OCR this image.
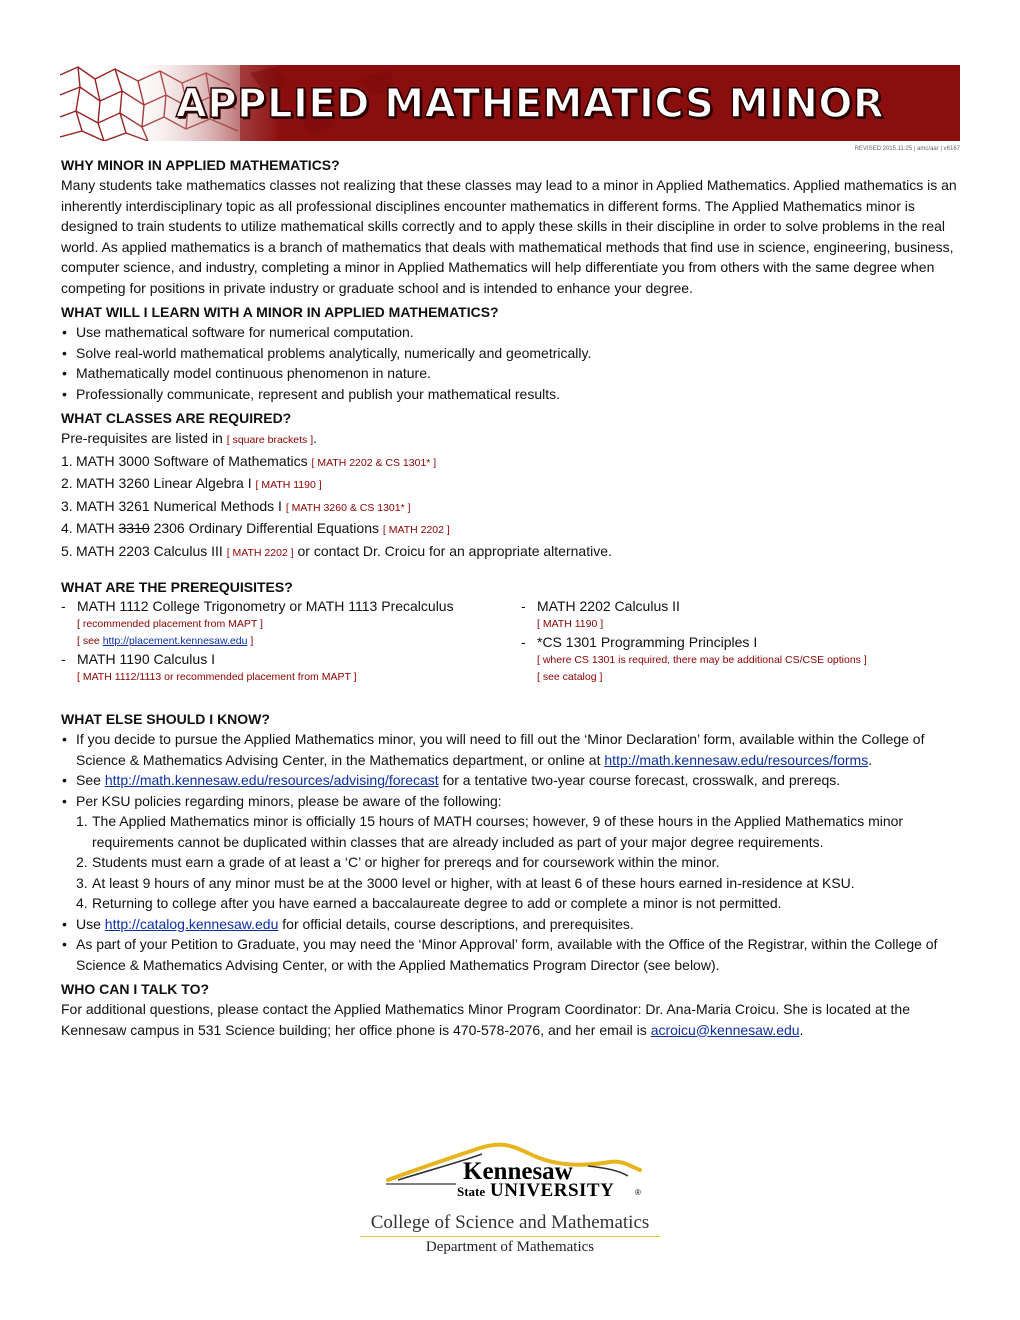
APPLIED MATHEMATICS MINOR
REVISED 2015.11.25 | amc/aar | v6167
WHY MINOR IN APPLIED MATHEMATICS?

Many students take mathematics classes not realizing that these classes may lead to a minor in Applied Mathematics. Applied mathematics is an inherently interdisciplinary topic as all professional disciplines encounter mathematics in different forms. The Applied Mathematics minor is designed to train students to utilize mathematical skills correctly and to apply these skills in their discipline in order to solve problems in the real world. As applied mathematics is a branch of mathematics that deals with mathematical methods that find use in science, engineering, business, computer science, and industry, completing a minor in Applied Mathematics will help differentiate you from others with the same degree when competing for positions in private industry or graduate school and is intended to enhance your degree.

WHAT WILL I LEARN WITH A MINOR IN APPLIED MATHEMATICS?
• Use mathematical software for numerical computation.
• Solve real-world mathematical problems analytically, numerically and geometrically.
• Mathematically model continuous phenomenon in nature.
• Professionally communicate, represent and publish your mathematical results.
WHAT CLASSES ARE REQUIRED?

Pre-requisites are listed in [ square brackets ].

1. MATH 3000 Software of Mathematics [ MATH 2202 & CS 1301* ]
2. MATH 3260 Linear Algebra I [ MATH 1190 ]
3. MATH 3261 Numerical Methods I [ MATH 3260 & CS 1301* ]
4. MATH 3310 2306 Ordinary Differential Equations [ MATH 2202 ]
5. MATH 2203 Calculus III [ MATH 2202 ] or contact Dr. Croicu for an appropriate alternative.
WHAT ARE THE PREREQUISITES?
- MATH 1112 College Trigonometry or MATH 1113 Precalculus
[ recommended placement from MAPT ]
[ see http://placement.kennesaw.edu ]
- MATH 1190 Calculus I
[ MATH 1112/1113 or recommended placement from MAPT ]
- MATH 2202 Calculus II
[ MATH 1190 ]
- *CS 1301 Programming Principles I
[ where CS 1301 is required, there may be additional CS/CSE options ]
[ see catalog ]
WHAT ELSE SHOULD I KNOW?
• If you decide to pursue the Applied Mathematics minor, you will need to fill out the ‘Minor Declaration’ form, available within the College of Science & Mathematics Advising Center, in the Mathematics department, or online at http://math.kennesaw.edu/resources/forms.
• See http://math.kennesaw.edu/resources/advising/forecast for a tentative two-year course forecast, crosswalk, and prereqs.
• Per KSU policies regarding minors, please be aware of the following:
1. The Applied Mathematics minor is officially 15 hours of MATH courses; however, 9 of these hours in the Applied Mathematics minor requirements cannot be duplicated within classes that are already included as part of your major degree requirements.
2. Students must earn a grade of at least a ‘C’ or higher for prereqs and for coursework within the minor.
3. At least 9 hours of any minor must be at the 3000 level or higher, with at least 6 of these hours earned in-residence at KSU.
4. Returning to college after you have earned a baccalaureate degree to add or complete a minor is not permitted.
• Use http://catalog.kennesaw.edu for official details, course descriptions, and prerequisites.
• As part of your Petition to Graduate, you may need the ‘Minor Approval’ form, available with the Office of the Registrar, within the College of Science & Mathematics Advising Center, or with the Applied Mathematics Program Director (see below).
WHO CAN I TALK TO?

For additional questions, please contact the Applied Mathematics Minor Program Coordinator: Dr. Ana-Maria Croicu. She is located at the Kennesaw campus in 531 Science building; her office phone is 470-578-2076, and her email is acroicu@kennesaw.edu.

Kennesaw
State UNIVERSITY	®
College of Science and Mathematics
Department of Mathematics
